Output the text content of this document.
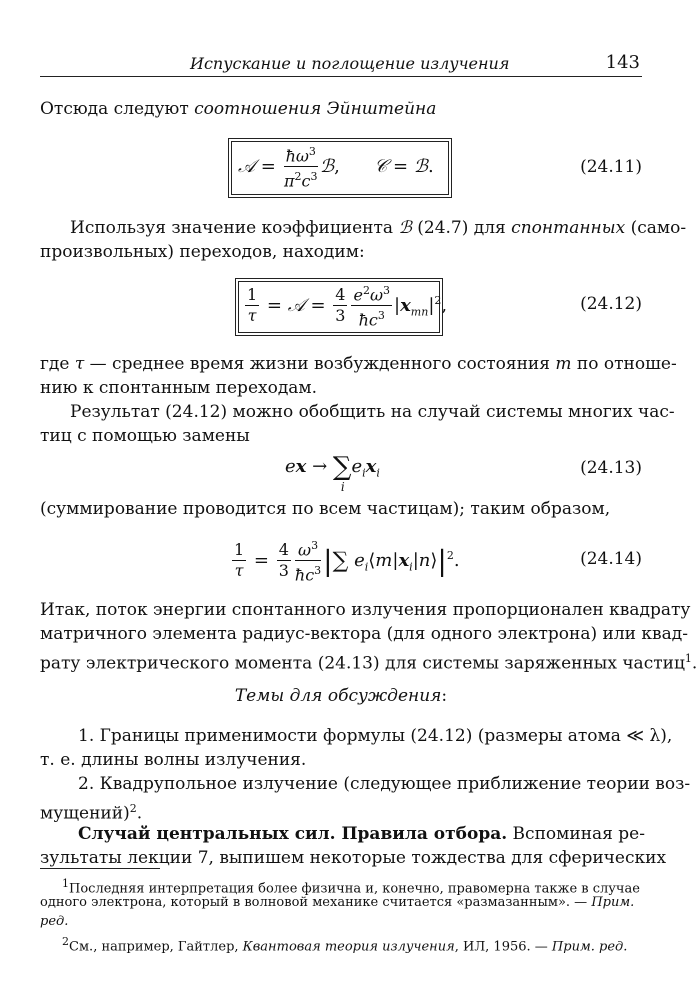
Испускание и поглощение излучения	143
Отсюда следуют соотношения Эйнштейна
𝒜 = $\frac{ħ\omega^3}{\pi^2c^3}$ ℬ,      𝒞 = ℬ.	(24.11)
Используя значение коэффициента ℬ (24.7) для спонтанных (само-
произвольных) переходов, находим:
$\frac{1}{\tau}$ = 𝒜 = $\frac{4}{3} \frac{e^2\omega^3}{ħc^3} |x_{mn}|^2$,	(24.12)
где τ — среднее время жизни возбужденного состояния m по отноше-
нию к спонтанным переходам.
Результат (24.12) можно обобщить на случай системы многих час-
тиц с помощью замены
ex → ∑
i
$e_ix_i$	(24.13)
(суммирование проводится по всем частицам); таким образом,
$\frac{1}{\tau} = \frac{4}{3} \frac{\omega^3}{ħc^3}$ |∑ $e_i⟨m|x_i|n⟩|^2$.	(24.14)
Итак, поток энергии спонтанного излучения пропорционален квадрату
матричного элемента радиус-вектора (для одного электрона) или квад-
рату электрического момента (24.13) для системы заряженных частиц$^1$.
Темы для обсуждения:
1. Границы применимости формулы (24.12) (размеры атома ≪ λ),
т. е. длины волны излучения.
2. Квадрупольное излучение (следующее приближение теории воз-
мущений)$^2$.
Случай центральных сил. Правила отбора. Вспоминая ре-
зультаты лекции 7, выпишем некоторые тождества для сферических
$^1$Последняя интерпретация более физична и, конечно, правомерна также в случае
одного электрона, который в волновой механике считается «размазанным». — Прим.
ред.
$^2$См., например, Гайтлер, Квантовая теория излучения, ИЛ, 1956. — Прим. ред.
